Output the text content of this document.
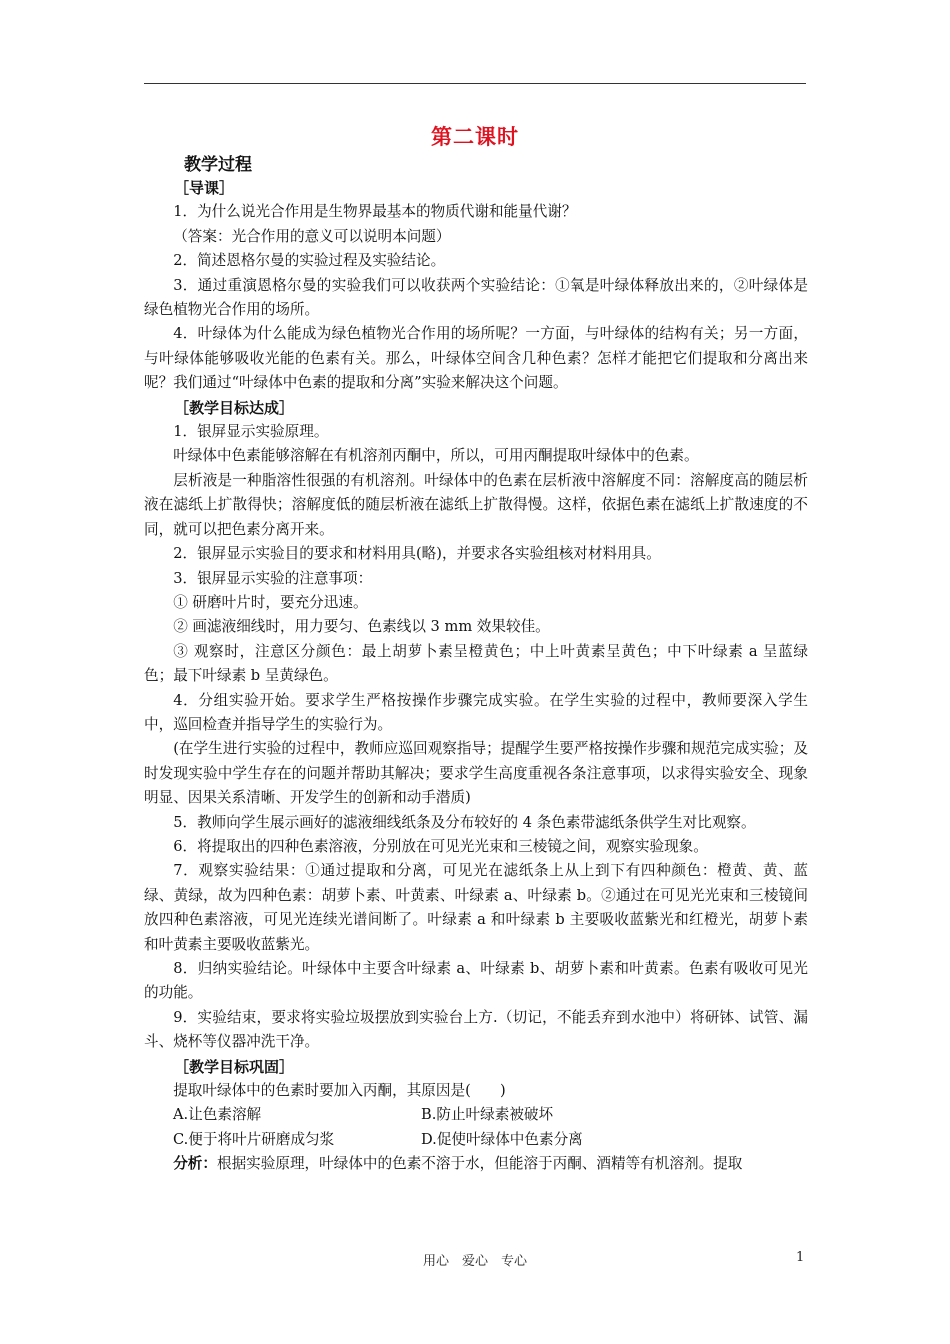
第二课时
教学过程

［导课］

1．为什么说光合作用是生物界最基本的物质代谢和能量代谢？

（答案：光合作用的意义可以说明本问题）

2．简述恩格尔曼的实验过程及实验结论。

3．通过重演恩格尔曼的实验我们可以收获两个实验结论：①氧是叶绿体释放出来的，②叶绿体是绿色植物光合作用的场所。

4．叶绿体为什么能成为绿色植物光合作用的场所呢？一方面，与叶绿体的结构有关；另一方面，与叶绿体能够吸收光能的色素有关。那么，叶绿体空间含几种色素？怎样才能把它们提取和分离出来呢？我们通过“叶绿体中色素的提取和分离”实验来解决这个问题。

［教学目标达成］

1．银屏显示实验原理。

叶绿体中色素能够溶解在有机溶剂丙酮中，所以，可用丙酮提取叶绿体中的色素。

层析液是一种脂溶性很强的有机溶剂。叶绿体中的色素在层析液中溶解度不同：溶解度高的随层析液在滤纸上扩散得快；溶解度低的随层析液在滤纸上扩散得慢。这样，依据色素在滤纸上扩散速度的不同，就可以把色素分离开来。

2．银屏显示实验目的要求和材料用具(略)，并要求各实验组核对材料用具。

3．银屏显示实验的注意事项：

① 研磨叶片时，要充分迅速。

② 画滤液细线时，用力要匀、色素线以 3 mm 效果较佳。

③ 观察时，注意区分颜色：最上胡萝卜素呈橙黄色；中上叶黄素呈黄色；中下叶绿素 a 呈蓝绿色；最下叶绿素 b 呈黄绿色。

4．分组实验开始。要求学生严格按操作步骤完成实验。在学生实验的过程中，教师要深入学生中，巡回检查并指导学生的实验行为。

(在学生进行实验的过程中，教师应巡回观察指导；提醒学生要严格按操作步骤和规范完成实验；及时发现实验中学生存在的问题并帮助其解决；要求学生高度重视各条注意事项，以求得实验安全、现象明显、因果关系清晰、开发学生的创新和动手潜质)

5．教师向学生展示画好的滤液细线纸条及分布较好的 4 条色素带滤纸条供学生对比观察。

6．将提取出的四种色素溶液，分别放在可见光光束和三棱镜之间，观察实验现象。

7．观察实验结果：①通过提取和分离，可见光在滤纸条上从上到下有四种颜色：橙黄、黄、蓝绿、黄绿，故为四种色素：胡萝卜素、叶黄素、叶绿素 a、叶绿素 b。②通过在可见光光束和三棱镜间放四种色素溶液，可见光连续光谱间断了。叶绿素 a 和叶绿素 b 主要吸收蓝紫光和红橙光，胡萝卜素和叶黄素主要吸收蓝紫光。

8．归纳实验结论。叶绿体中主要含叶绿素 a、叶绿素 b、胡萝卜素和叶黄素。色素有吸收可见光的功能。

9．实验结束，要求将实验垃圾摆放到实验台上方.（切记，不能丢弃到水池中）将研钵、试管、漏斗、烧杯等仪器冲洗干净。

［教学目标巩固］

提取叶绿体中的色素时要加入丙酮，其原因是(　　)

A.让色素溶解	B.防止叶绿素被破坏
C.便于将叶片研磨成匀浆	D.促使叶绿体中色素分离

分析：根据实验原理，叶绿体中的色素不溶于水，但能溶于丙酮、酒精等有机溶剂。提取

用心　爱心　专心	1
